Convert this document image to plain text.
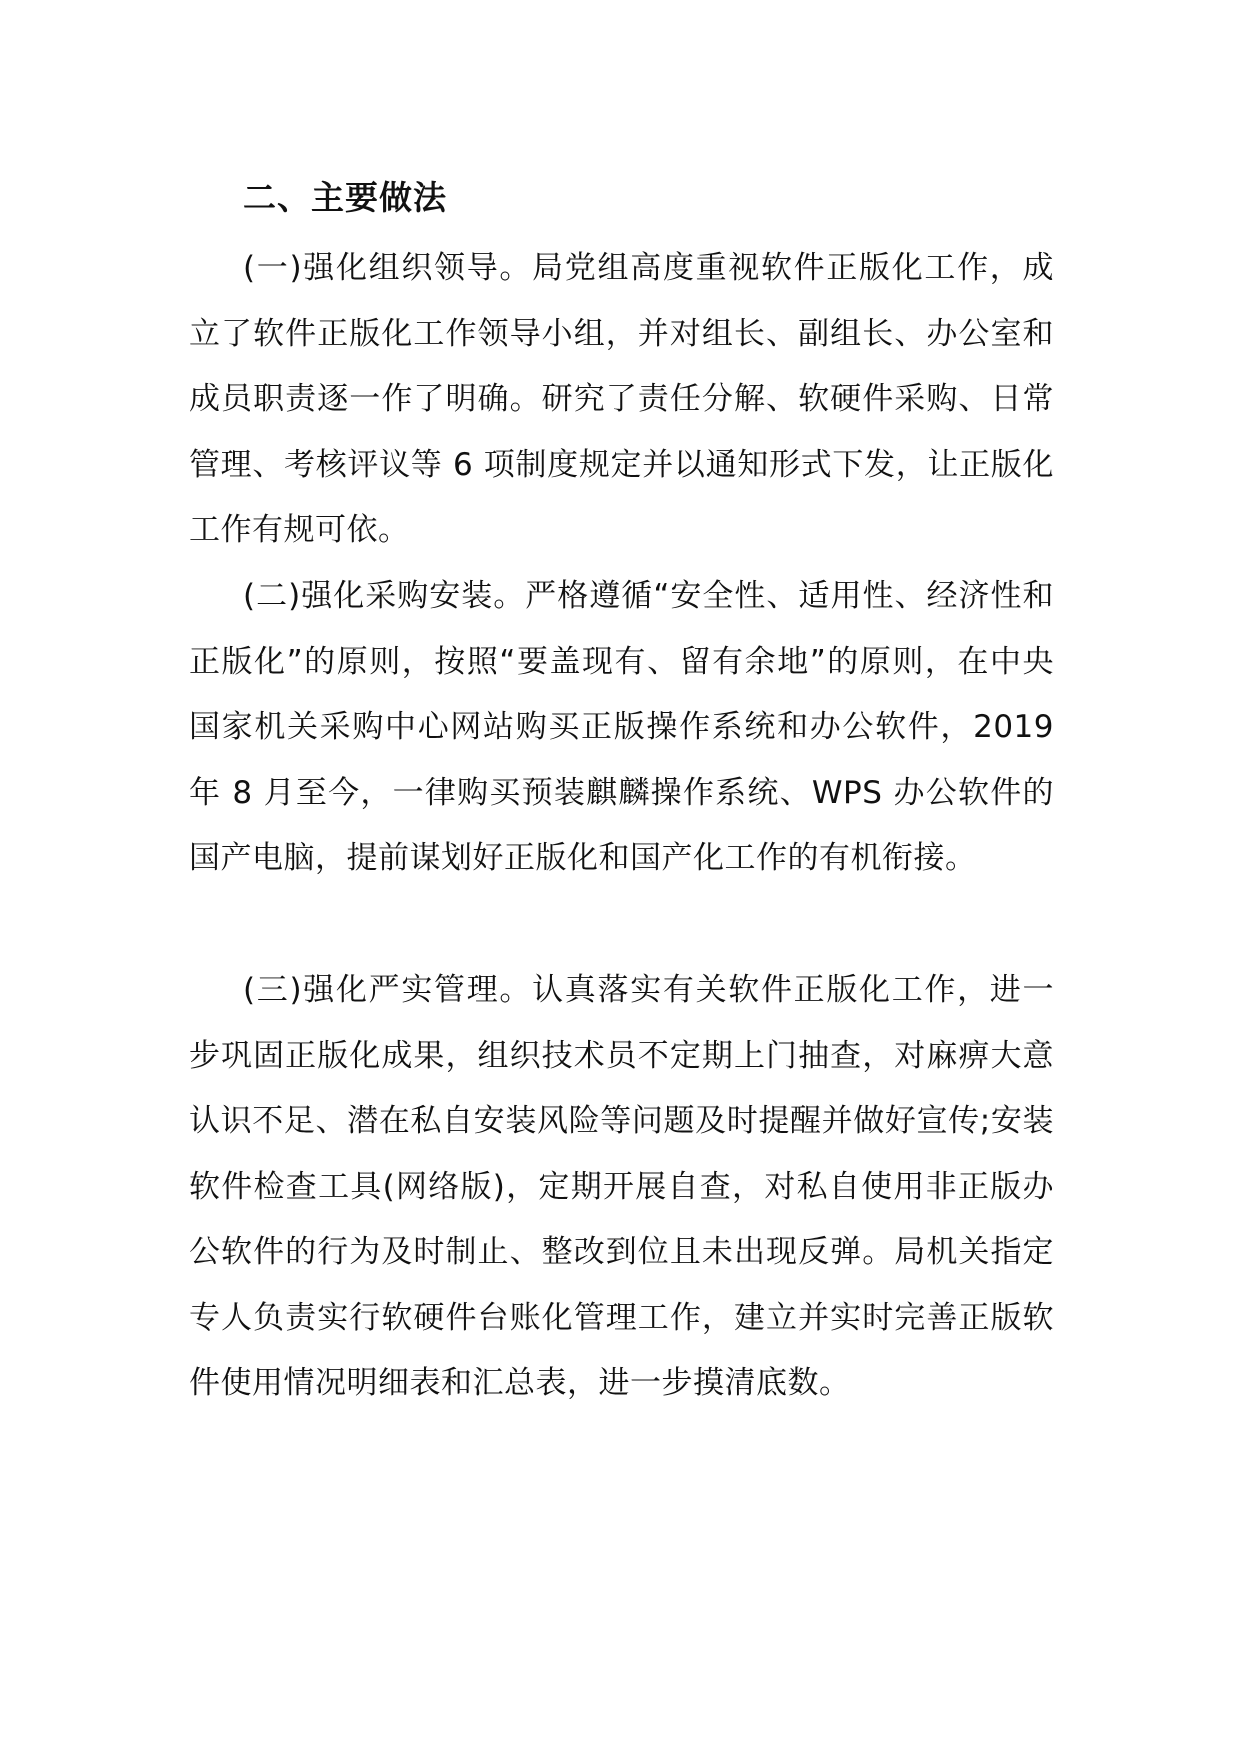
二、主要做法

(一)强化组织领导。局党组高度重视软件正版化工作，成立了软件正版化工作领导小组，并对组长、副组长、办公室和成员职责逐一作了明确。研究了责任分解、软硬件采购、日常管理、考核评议等 6 项制度规定并以通知形式下发，让正版化工作有规可依。

(二)强化采购安装。严格遵循“安全性、适用性、经济性和正版化”的原则，按照“要盖现有、留有余地”的原则，在中央国家机关采购中心网站购买正版操作系统和办公软件，2019 年 8 月至今，一律购买预装麒麟操作系统、WPS 办公软件的国产电脑，提前谋划好正版化和国产化工作的有机衔接。

(三)强化严实管理。认真落实有关软件正版化工作，进一步巩固正版化成果，组织技术员不定期上门抽查，对麻痹大意认识不足、潜在私自安装风险等问题及时提醒并做好宣传;安装软件检查工具(网络版)，定期开展自查，对私自使用非正版办公软件的行为及时制止、整改到位且未出现反弹。局机关指定专人负责实行软硬件台账化管理工作，建立并实时完善正版软件使用情况明细表和汇总表，进一步摸清底数。
